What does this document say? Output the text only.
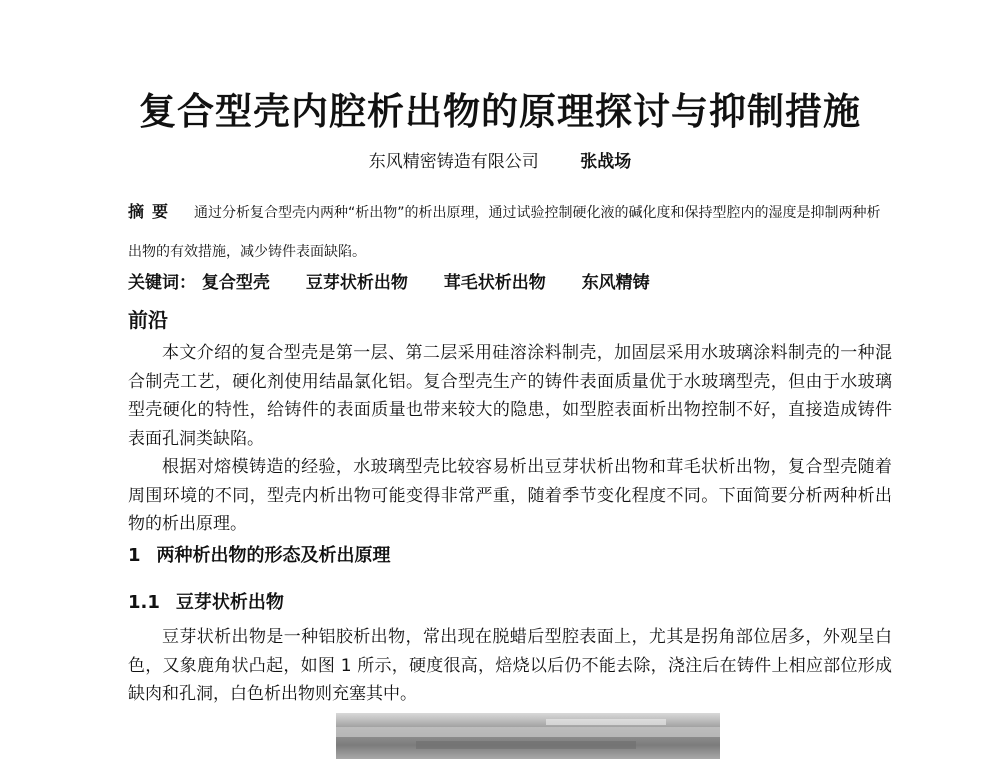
复合型壳内腔析出物的原理探讨与抑制措施
东风精密铸造有限公司 张战场
摘要 通过分析复合型壳内两种“析出物”的析出原理，通过试验控制硬化液的碱化度和保持型腔内的湿度是抑制两种析出物的有效措施，减少铸件表面缺陷。
关键词： 复合型壳 豆芽状析出物 茸毛状析出物 东风精铸
前沿
本文介绍的复合型壳是第一层、第二层采用硅溶涂料制壳，加固层采用水玻璃涂料制壳的一种混合制壳工艺，硬化剂使用结晶氯化铝。复合型壳生产的铸件表面质量优于水玻璃型壳，但由于水玻璃型壳硬化的特性，给铸件的表面质量也带来较大的隐患，如型腔表面析出物控制不好，直接造成铸件表面孔洞类缺陷。
根据对熔模铸造的经验，水玻璃型壳比较容易析出豆芽状析出物和茸毛状析出物，复合型壳随着周围环境的不同，型壳内析出物可能变得非常严重，随着季节变化程度不同。下面简要分析两种析出物的析出原理。
1 两种析出物的形态及析出原理
1.1 豆芽状析出物
豆芽状析出物是一种铝胶析出物，常出现在脱蜡后型腔表面上，尤其是拐角部位居多，外观呈白色，又象鹿角状凸起，如图 1 所示，硬度很高，焙烧以后仍不能去除，浇注后在铸件上相应部位形成缺肉和孔洞，白色析出物则充塞其中。
